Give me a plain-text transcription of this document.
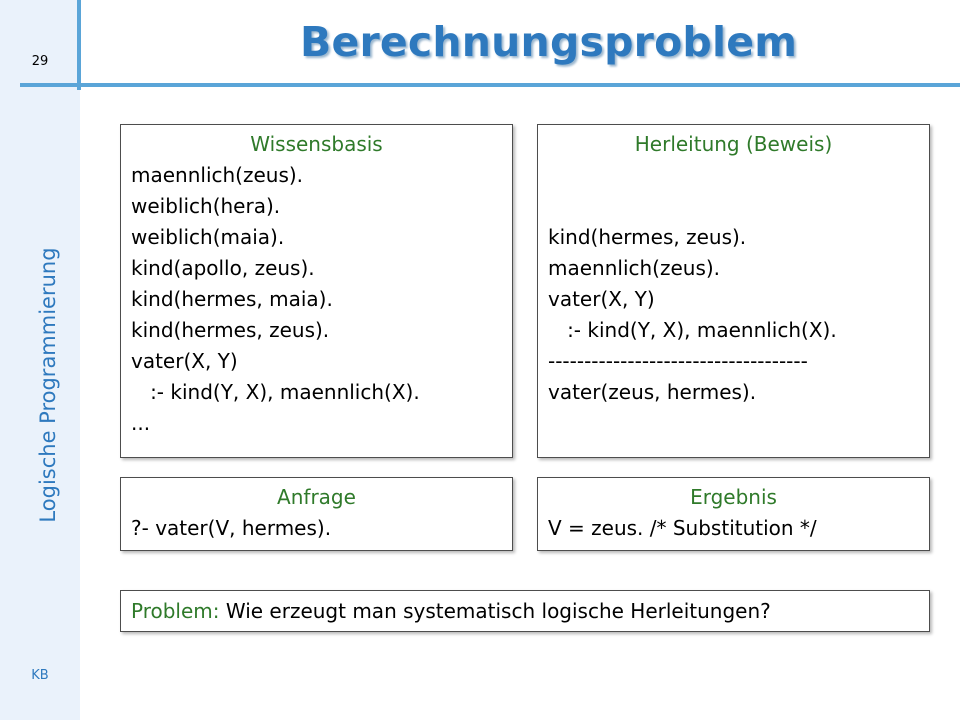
29
Logische Programmierung
KB
Berechnungsproblem
Wissensbasis
maennlich(zeus).
weiblich(hera).
weiblich(maia).
kind(apollo, zeus).
kind(hermes, maia).
kind(hermes, zeus).
vater(X, Y)
:- kind(Y, X), maennlich(X).
...
Herleitung (Beweis)
kind(hermes, zeus).
maennlich(zeus).
vater(X, Y)
:- kind(Y, X), maennlich(X).
------------------------------------
vater(zeus, hermes).
Anfrage
?- vater(V, hermes).
Ergebnis
V = zeus. /* Substitution */
Problem: Wie erzeugt man systematisch logische Herleitungen?
